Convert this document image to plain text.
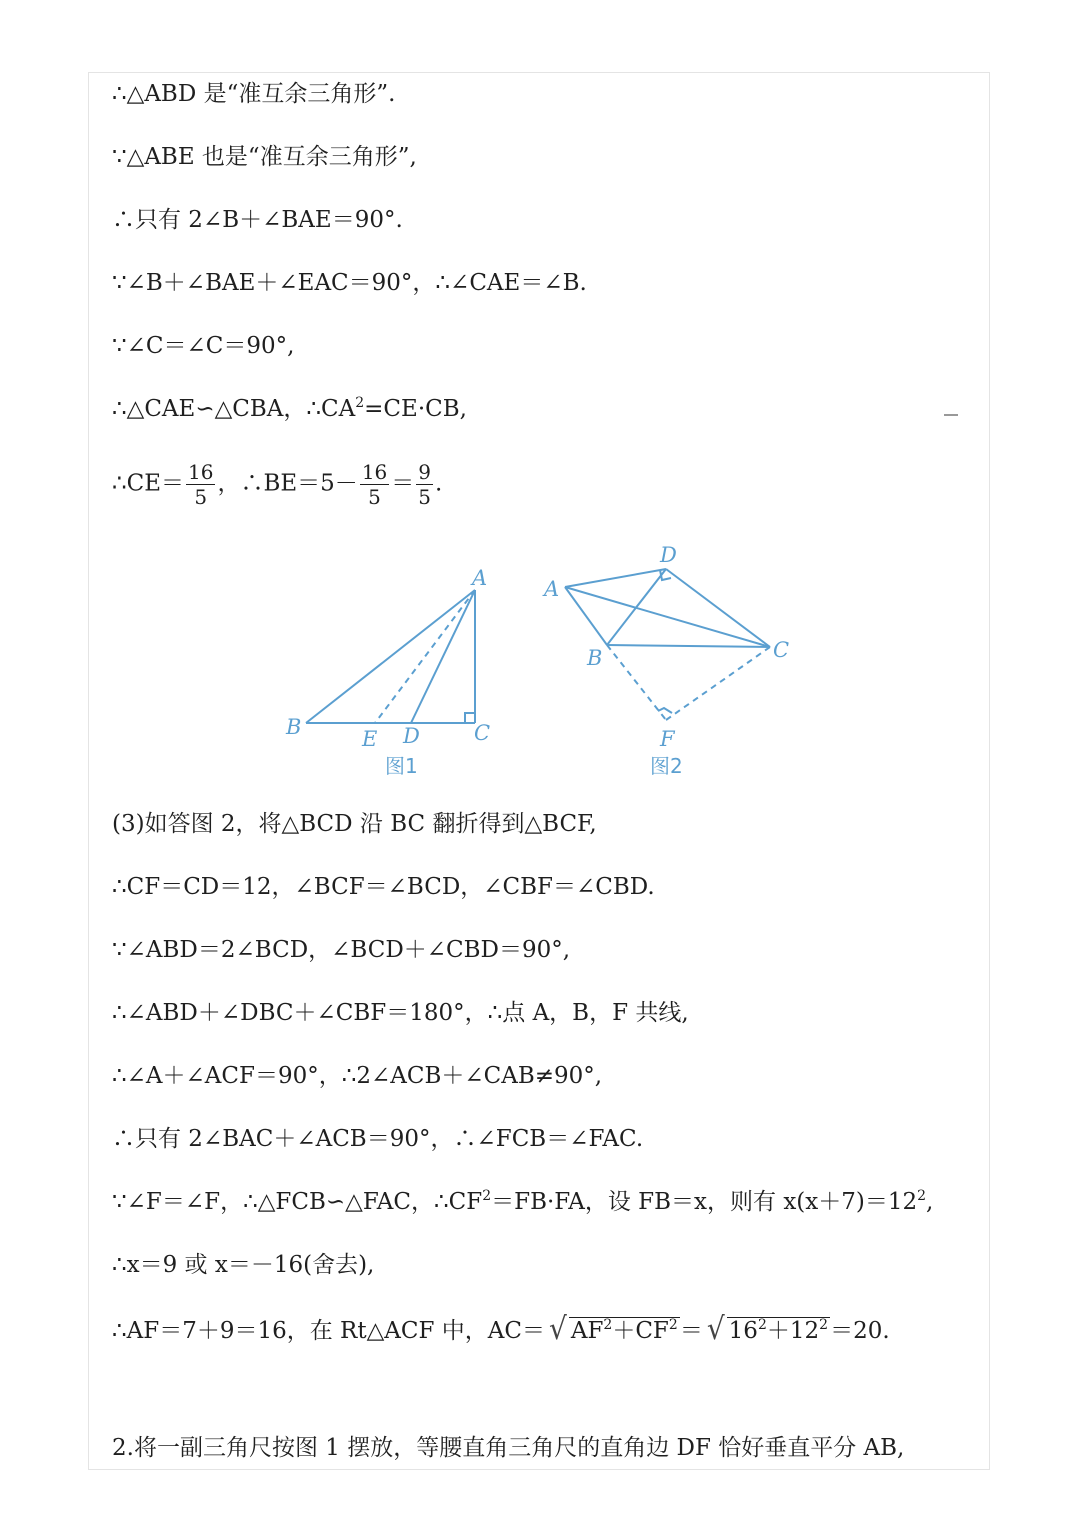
∴△ABD 是“准互余三角形”.
∵△ABE 也是“准互余三角形”,
∴只有 2∠B＋∠BAE＝90°.
∵∠B＋∠BAE＋∠EAC＝90°，∴∠CAE＝∠B.
∵∠C＝∠C＝90°,
∴△CAE∽△CBA，$\therefore CA^2=CE\cdot CB$,
∴CE＝ $\frac{16}{5}$ ，∴BE＝5－ $\frac{16}{5} = \frac{9}{5}$ .
A
B	C
D
E
图1
A
B	C
D
F
图2
(3)如答图 2，将△BCD 沿 BC 翻折得到△BCF,
∴CF＝CD＝12，∠BCF＝∠BCD，∠CBF＝∠CBD.
∵∠ABD＝2∠BCD，∠BCD＋∠CBD＝90°,
∴∠ABD＋∠DBC＋∠CBF＝180°，∴点 A，B，F 共线,
∴∠A＋∠ACF＝90°，∴2∠ACB＋∠CAB≠90°,
∴只有 2∠BAC＋∠ACB＝90°，∴∠FCB＝∠FAC.
∵∠F＝∠F，∴△FCB∽△FAC，$\therefore CF^2=FB\cdot FA$，设 FB＝x，则有 $x(x+7)=12^2$,
∴x＝9 或 x＝－16(舍去),
∴AF＝7＋9＝16，在 Rt△ACF 中，AC＝ √ $AF^2+CF^2=$ √ $16^2+12^2=20$.
2.将一副三角尺按图 1 摆放，等腰直角三角尺的直角边 DF 恰好垂直平分 AB,
